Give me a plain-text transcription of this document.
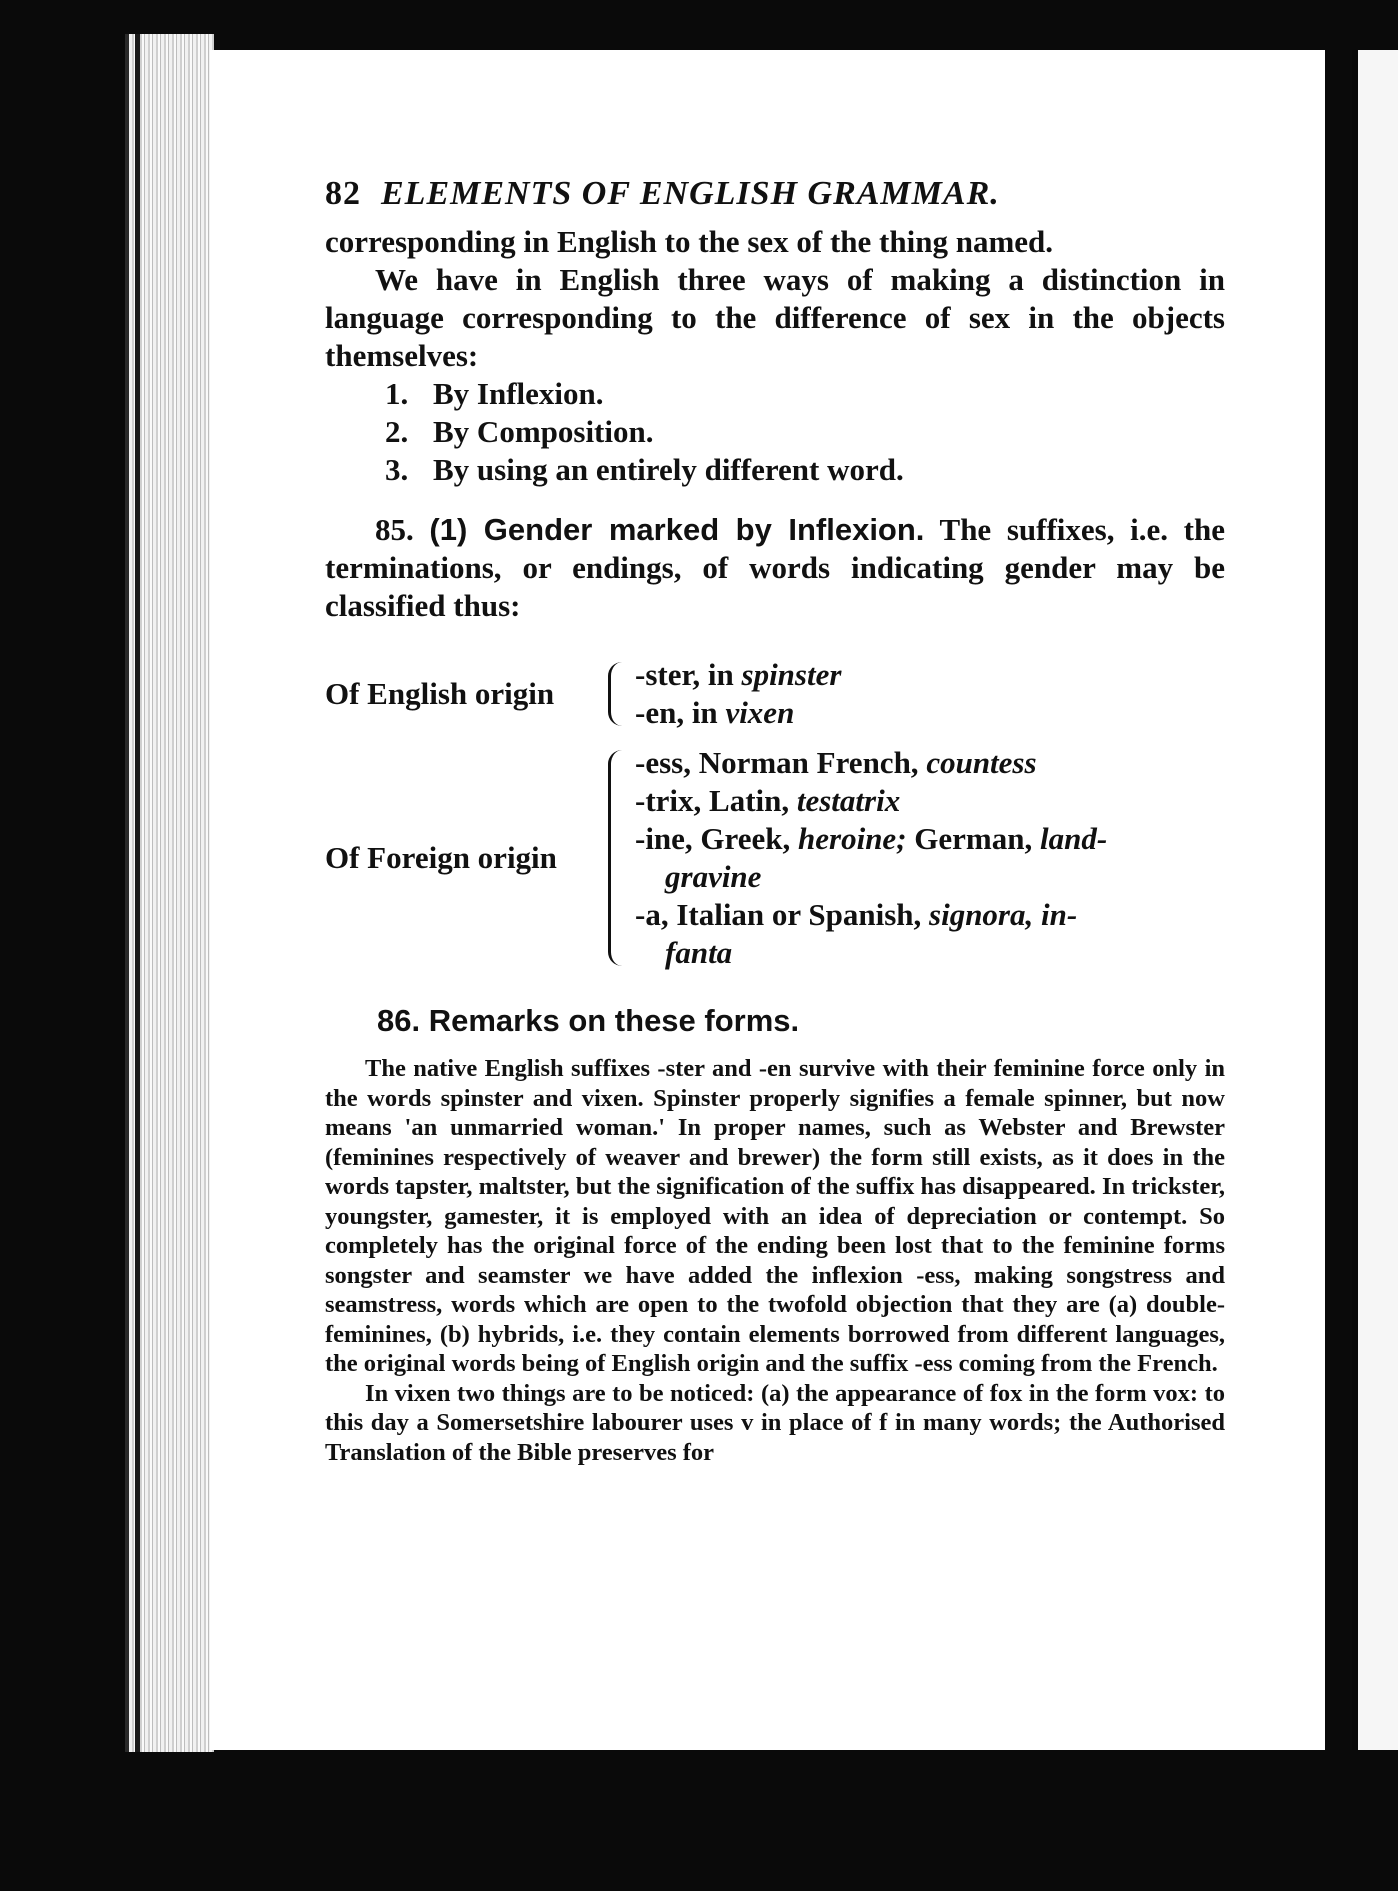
82 ELEMENTS OF ENGLISH GRAMMAR.

corresponding in English to the sex of the thing named.

We have in English three ways of making a distinction in language corresponding to the difference of sex in the objects themselves:

1. By Inflexion.
2. By Composition.
3. By using an entirely different word.

85. (1) Gender marked by Inflexion. The suffixes, i.e. the terminations, or endings, of words indicating gender may be classified thus:

Of English origin
-ster, in spinster
-en, in vixen
Of Foreign origin
-ess, Norman French, countess
-trix, Latin, testatrix
-ine, Greek, heroine; German, land-
gravine
-a, Italian or Spanish, signora, in-
fanta
86. Remarks on these forms.

The native English suffixes -ster and -en survive with their feminine force only in the words spinster and vixen. Spinster properly signifies a female spinner, but now means 'an unmarried woman.' In proper names, such as Webster and Brewster (feminines respectively of weaver and brewer) the form still exists, as it does in the words tapster, maltster, but the signification of the suffix has disappeared. In trickster, youngster, gamester, it is employed with an idea of depreciation or contempt. So completely has the original force of the ending been lost that to the feminine forms songster and seamster we have added the inflexion -ess, making songstress and seamstress, words which are open to the twofold objection that they are (a) double-feminines, (b) hybrids, i.e. they contain elements borrowed from different languages, the original words being of English origin and the suffix -ess coming from the French.

In vixen two things are to be noticed: (a) the appearance of fox in the form vox: to this day a Somersetshire labourer uses v in place of f in many words; the Authorised Translation of the Bible preserves for
